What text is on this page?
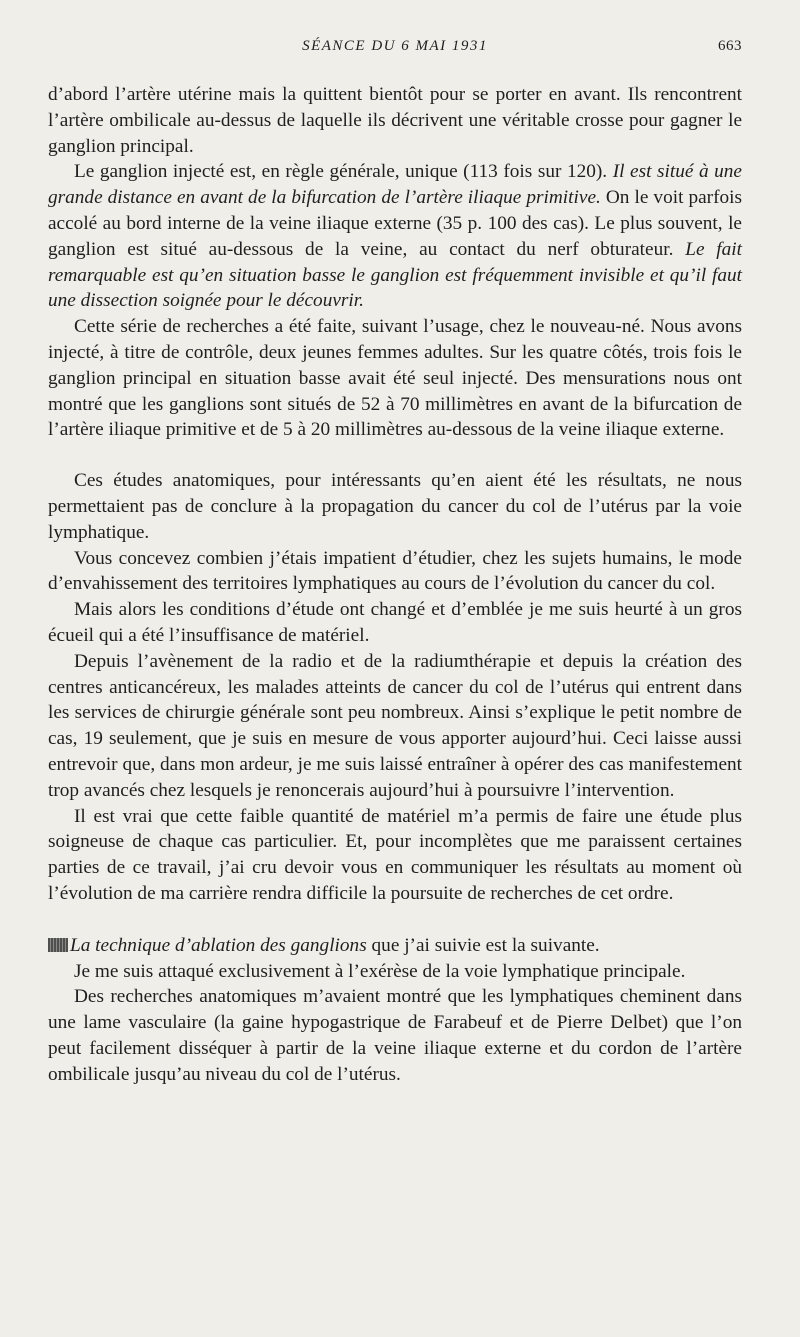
SÉANCE DU 6 MAI 1931	663

d’abord l’artère utérine mais la quittent bientôt pour se porter en avant. Ils rencontrent l’artère ombilicale au-dessus de laquelle ils décrivent une véritable crosse pour gagner le ganglion principal.

Le ganglion injecté est, en règle générale, unique (113 fois sur 120). Il est situé à une grande distance en avant de la bifurcation de l’artère iliaque primitive. On le voit parfois accolé au bord interne de la veine iliaque externe (35 p. 100 des cas). Le plus souvent, le ganglion est situé au-dessous de la veine, au contact du nerf obturateur. Le fait remarquable est qu’en situation basse le ganglion est fréquemment invisible et qu’il faut une dissection soignée pour le découvrir.

Cette série de recherches a été faite, suivant l’usage, chez le nouveau-né. Nous avons injecté, à titre de contrôle, deux jeunes femmes adultes. Sur les quatre côtés, trois fois le ganglion principal en situation basse avait été seul injecté. Des mensurations nous ont montré que les ganglions sont situés de 52 à 70 millimètres en avant de la bifurcation de l’artère iliaque primitive et de 5 à 20 millimètres au-dessous de la veine iliaque externe.

Ces études anatomiques, pour intéressants qu’en aient été les résultats, ne nous permettaient pas de conclure à la propagation du cancer du col de l’utérus par la voie lymphatique.

Vous concevez combien j’étais impatient d’étudier, chez les sujets humains, le mode d’envahissement des territoires lymphatiques au cours de l’évolution du cancer du col.

Mais alors les conditions d’étude ont changé et d’emblée je me suis heurté à un gros écueil qui a été l’insuffisance de matériel.

Depuis l’avènement de la radio et de la radiumthérapie et depuis la création des centres anticancéreux, les malades atteints de cancer du col de l’utérus qui entrent dans les services de chirurgie générale sont peu nombreux. Ainsi s’explique le petit nombre de cas, 19 seulement, que je suis en mesure de vous apporter aujourd’hui. Ceci laisse aussi entrevoir que, dans mon ardeur, je me suis laissé entraîner à opérer des cas manifestement trop avancés chez lesquels je renoncerais aujourd’hui à poursuivre l’intervention.

Il est vrai que cette faible quantité de matériel m’a permis de faire une étude plus soigneuse de chaque cas particulier. Et, pour incomplètes que me paraissent certaines parties de ce travail, j’ai cru devoir vous en communiquer les résultats au moment où l’évolution de ma carrière rendra difficile la poursuite de recherches de cet ordre.

La technique d’ablation des ganglions que j’ai suivie est la suivante.

Je me suis attaqué exclusivement à l’exérèse de la voie lymphatique principale.

Des recherches anatomiques m’avaient montré que les lymphatiques cheminent dans une lame vasculaire (la gaine hypogastrique de Farabeuf et de Pierre Delbet) que l’on peut facilement disséquer à partir de la veine iliaque externe et du cordon de l’artère ombilicale jusqu’au niveau du col de l’utérus.
